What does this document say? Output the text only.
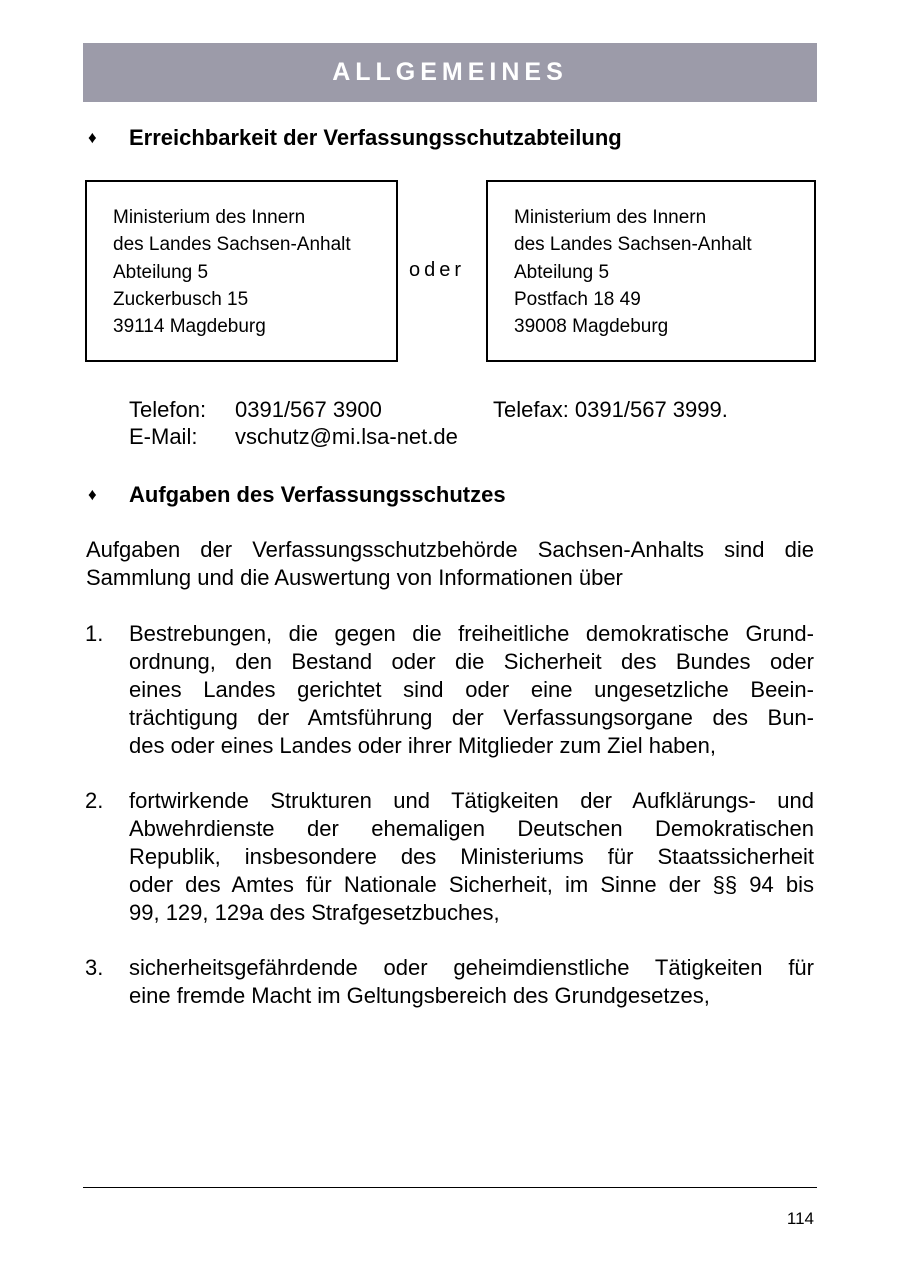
ALLGEMEINES
♦ Erreichbarkeit der Verfassungsschutzabteilung
Ministerium des Innern
des Landes Sachsen-Anhalt
Abteilung 5
Zuckerbusch 15
39114 Magdeburg
oder
Ministerium des Innern
des Landes Sachsen-Anhalt
Abteilung 5
Postfach 18 49
39008 Magdeburg
Telefon: 0391/567 3900	Telefax: 0391/567 3999.
E-Mail: vschutz@mi.lsa-net.de
♦ Aufgaben des Verfassungsschutzes
Aufgaben der Verfassungsschutzbehörde Sachsen-Anhalts sind die
Sammlung und die Auswertung von Informationen über
1. Bestrebungen, die gegen die freiheitliche demokratische Grund-
ordnung, den Bestand oder die Sicherheit des Bundes oder
eines Landes gerichtet sind oder eine ungesetzliche Beein-
trächtigung der Amtsführung der Verfassungsorgane des Bun-
des oder eines Landes oder ihrer Mitglieder zum Ziel haben,
2. fortwirkende Strukturen und Tätigkeiten der Aufklärungs- und
Abwehrdienste der ehemaligen Deutschen Demokratischen
Republik, insbesondere des Ministeriums für Staatssicherheit
oder des Amtes für Nationale Sicherheit, im Sinne der §§ 94 bis
99, 129, 129a des Strafgesetzbuches,
3. sicherheitsgefährdende oder geheimdienstliche Tätigkeiten für
eine fremde Macht im Geltungsbereich des Grundgesetzes,
114
